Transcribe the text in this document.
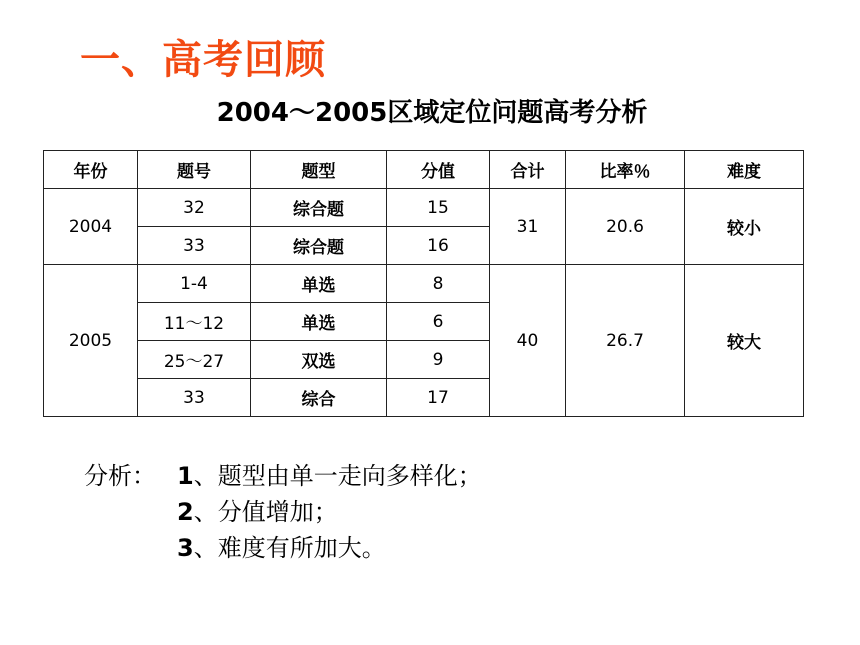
一、高考回顾
2004～2005区域定位问题高考分析
年份	题号	题型	分值	合计	比率％	难度
2004	32	综合题	15	31	20.6	较小
	33	综合题	16			
2005	1-4	单选	8	40	26.7	较大
	11～12	单选	6			
	25～27	双选	9			
	33	综合	17			
分析： 1、题型由单一走向多样化；
2、分值增加；
3、难度有所加大。
